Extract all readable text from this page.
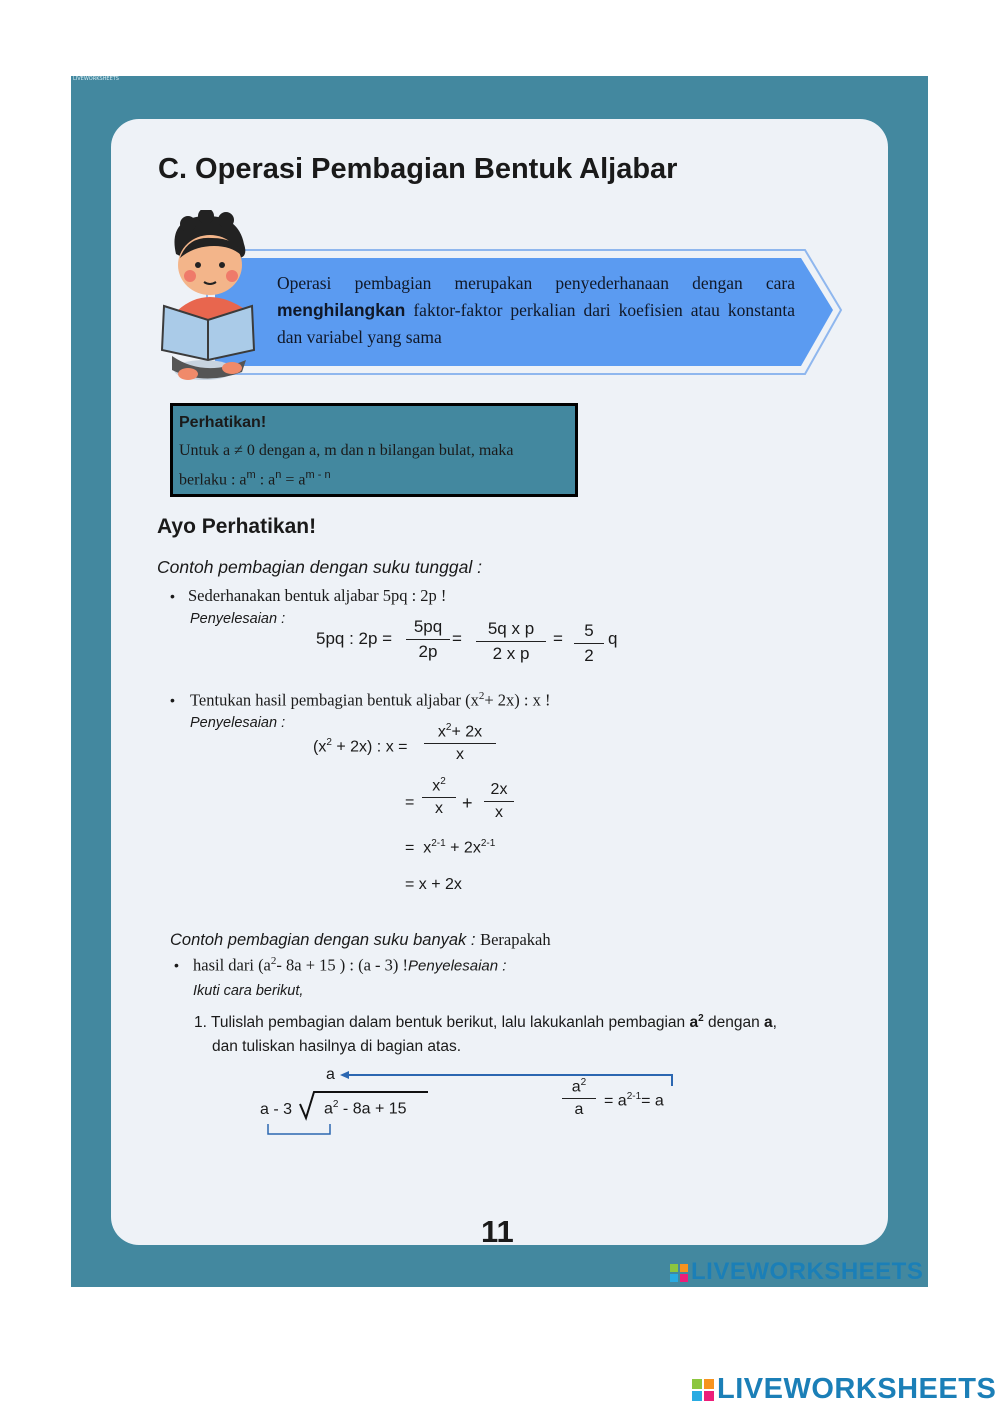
LIVEWORKSHEETS
C. Operasi Pembagian Bentuk Aljabar
Operasi pembagian merupakan penyederhanaan dengan cara menghilangkan faktor-faktor perkalian dari koefisien atau konstanta dan variabel yang sama
Perhatikan!
Untuk a ≠ 0 dengan a, m dan n bilangan bulat, maka
berlaku : $a^m$ : $a^n = a^{m - n}$
Ayo Perhatikan!
Contoh pembagian dengan suku tunggal :
• Sederhanakan bentuk aljabar 5pq : 2p !
Penyelesaian :
5pq : 2p =
5pq
2p
=
5q x p
2 x p
=	5
2
q
• Tentukan hasil pembagian bentuk aljabar $(x^2+ 2x)$ : x !
Penyelesaian :
$(x^2 + 2x)$ : x =
$x^2+ 2x$
x
=
$x^2$
x	+
2x
x
= $x^{2-1} + 2x^{2-1}$
= x + 2x
Contoh pembagian dengan suku banyak : Berapakah
• hasil dari ($a^2-$ 8a + 15 ) : (a - 3) !Penyelesaian :
Ikuti cara berikut,
1. Tulislah pembagian dalam bentuk berikut, lalu lakukanlah pembagian $a^2$ dengan a,
dan tuliskan hasilnya di bagian atas.
a
a - 3 $a^2 - 8a + 15$
$a^2$
a
= $a^{2-1}= a$
11
LIVEWORKSHEETS
LIVEWORKSHEETS
